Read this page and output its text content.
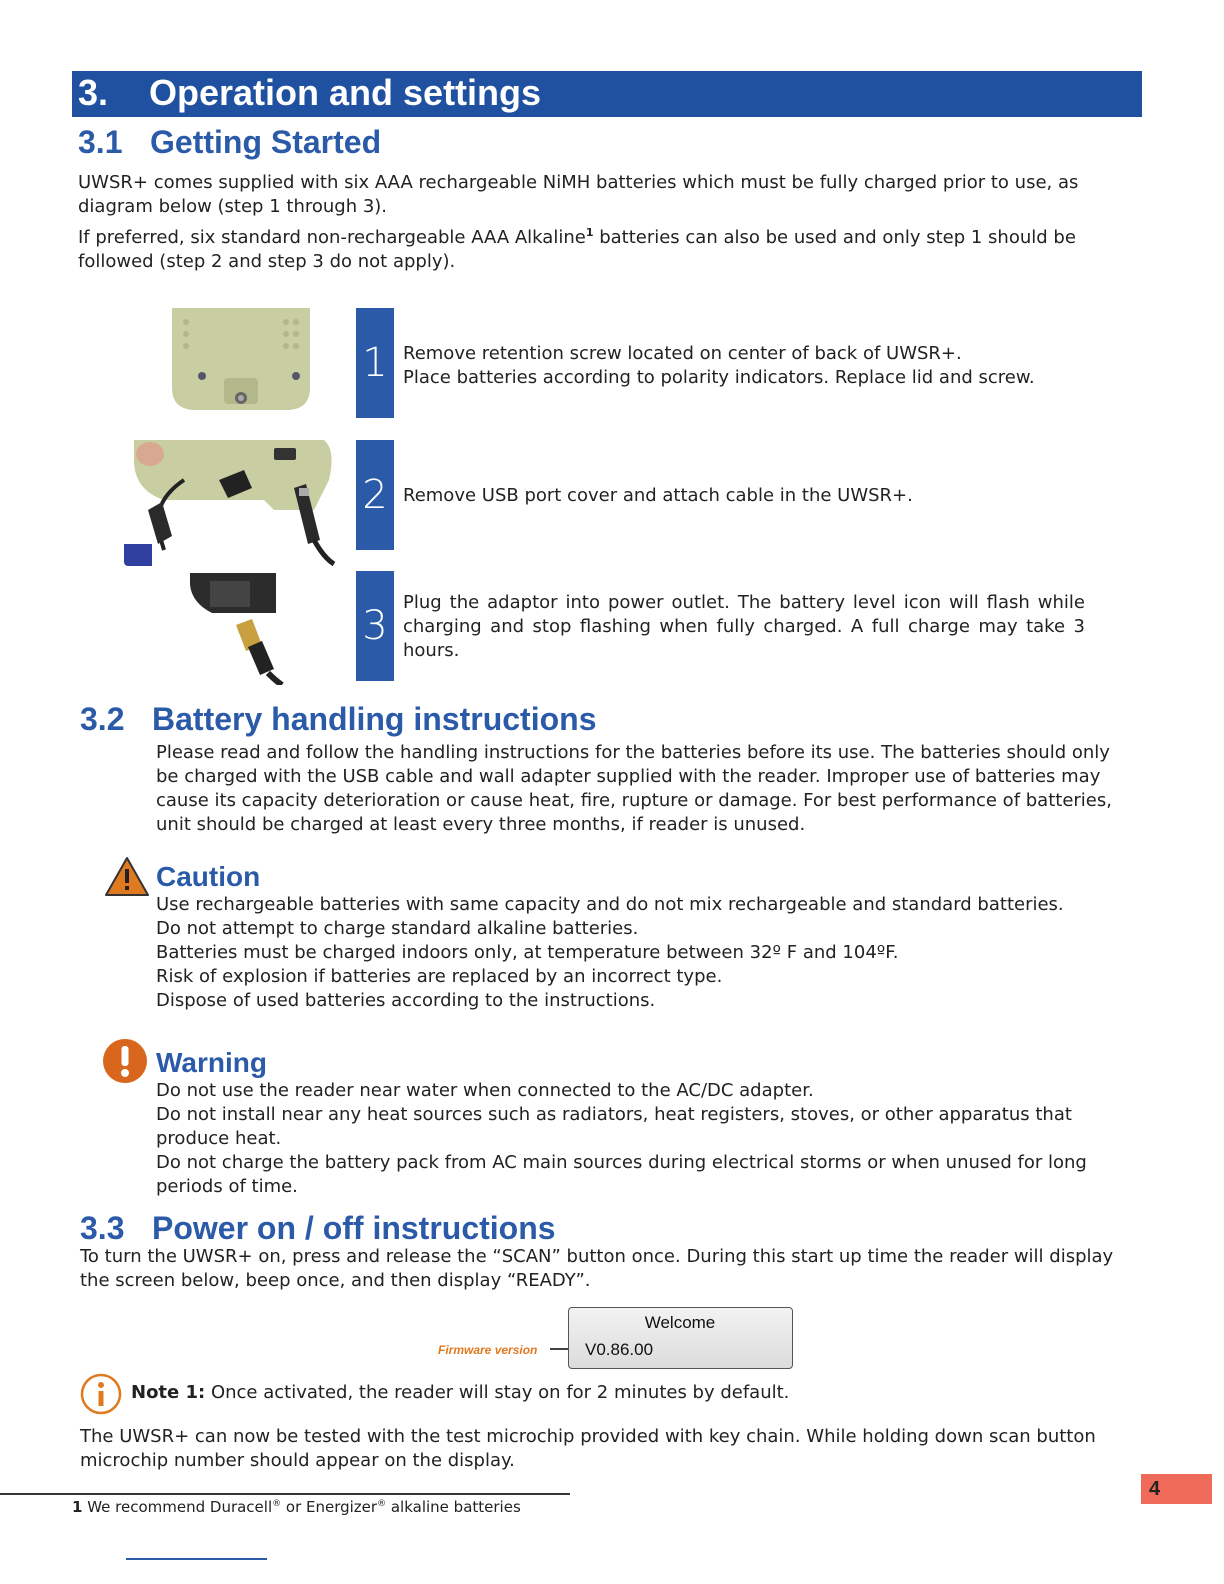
3. Operation and settings
3.1 Getting Started
UWSR+ comes supplied with six AAA rechargeable NiMH batteries which must be fully charged prior to use, as diagram below (step 1 through 3).
If preferred, six standard non-rechargeable AAA Alkaline$^1$ batteries can also be used and only step 1 should be followed (step 2 and step 3 do not apply).
1 Remove retention screw located on center of back of UWSR+.
Place batteries according to polarity indicators. Replace lid and screw.
2 Remove USB port cover and attach cable in the UWSR+.
3
Plug the adaptor into power outlet. The battery level icon will flash while charging and stop flashing when fully charged. A full charge may take 3 hours.
3.2 Battery handling instructions
Please read and follow the handling instructions for the batteries before its use. The batteries should only be charged with the USB cable and wall adapter supplied with the reader. Improper use of batteries may cause its capacity deterioration or cause heat, fire, rupture or damage. For best performance of batteries, unit should be charged at least every three months, if reader is unused.
Caution
Use rechargeable batteries with same capacity and do not mix rechargeable and standard batteries.
Do not attempt to charge standard alkaline batteries.
Batteries must be charged indoors only, at temperature between 32º F and 104ºF.
Risk of explosion if batteries are replaced by an incorrect type.
Dispose of used batteries according to the instructions.
Warning
Do not use the reader near water when connected to the AC/DC adapter.
Do not install near any heat sources such as radiators, heat registers, stoves, or other apparatus that produce heat.
Do not charge the battery pack from AC main sources during electrical storms or when unused for long periods of time.
3.3 Power on / off instructions
To turn the UWSR+ on, press and release the “SCAN” button once. During this start up time the reader will display the screen below, beep once, and then display “READY”.
Firmware version
Welcome
V0.86.00
Note 1: Once activated, the reader will stay on for 2 minutes by default.
The UWSR+ can now be tested with the test microchip provided with key chain. While holding down scan button microchip number should appear on the display.
4
1 We recommend Duracell® or Energizer® alkaline batteries
